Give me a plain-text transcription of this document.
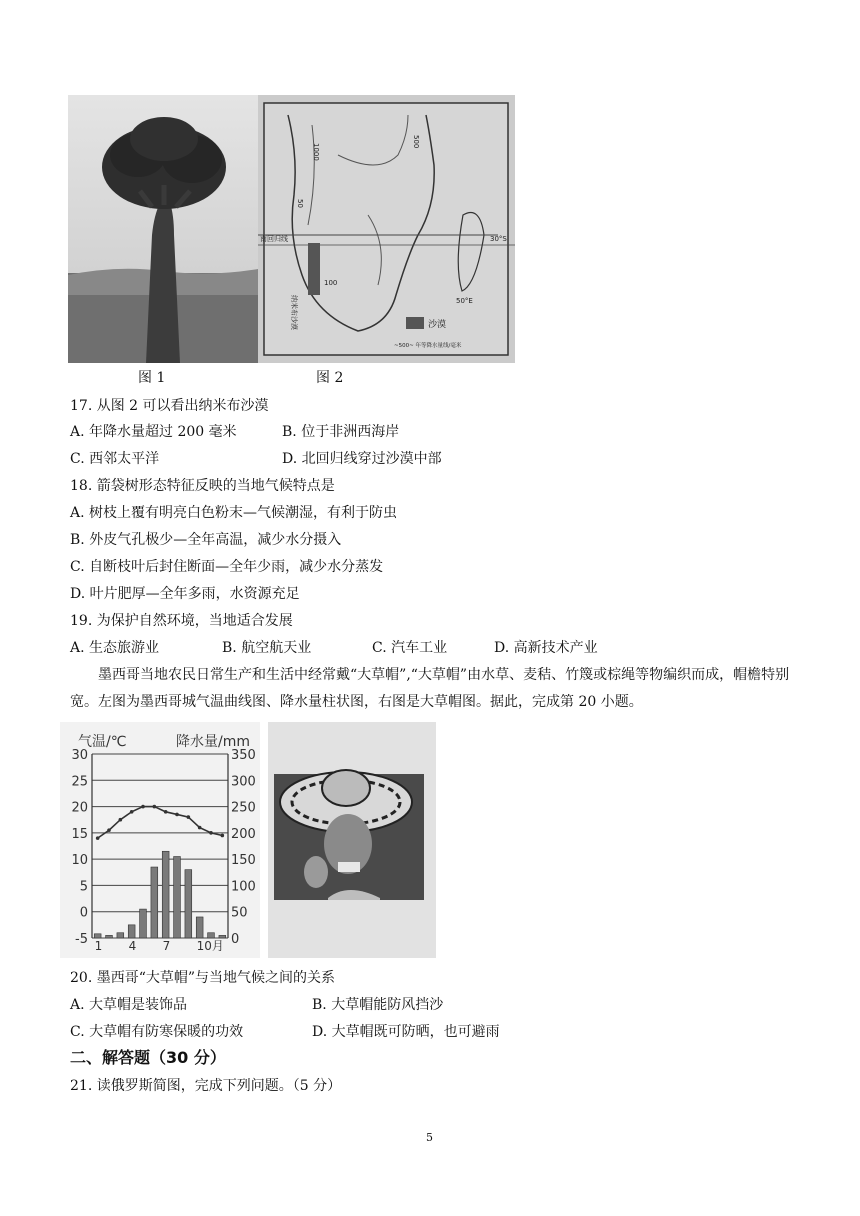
南回归线	30°S
50°E
1000
500
50
100
纳米布沙漠	沙漠
~500~ 年等降水量线/毫米
图 1	图 2
17. 从图 2 可以看出纳米布沙漠
A. 年降水量超过 200 毫米	B. 位于非洲西海岸
C. 西邻太平洋	D. 北回归线穿过沙漠中部
18. 箭袋树形态特征反映的当地气候特点是
A. 树枝上覆有明亮白色粉末—气候潮湿，有利于防虫
B. 外皮气孔极少—全年高温，减少水分摄入
C. 自断枝叶后封住断面—全年少雨，减少水分蒸发
D. 叶片肥厚—全年多雨，水资源充足
19. 为保护自然环境，当地适合发展
A. 生态旅游业	B. 航空航天业	C. 汽车工业	D. 高新技术产业
墨西哥当地农民日常生产和生活中经常戴“大草帽”,“大草帽”由水草、麦秸、竹篾或棕绳等物编织而成，帽檐特别宽。左图为墨西哥城气温曲线图、降水量柱状图，右图是大草帽图。据此，完成第 20 小题。
气温/℃	降水量/mm
30
25
20
15
10
5
0
-5
350
300
250
200
150
100
50
0
1 4 7 10月
20. 墨西哥“大草帽”与当地气候之间的关系
A. 大草帽是装饰品	B. 大草帽能防风挡沙
C. 大草帽有防寒保暖的功效	D. 大草帽既可防晒，也可避雨
二、解答题（30 分）
21. 读俄罗斯简图，完成下列问题。（5 分）
5
